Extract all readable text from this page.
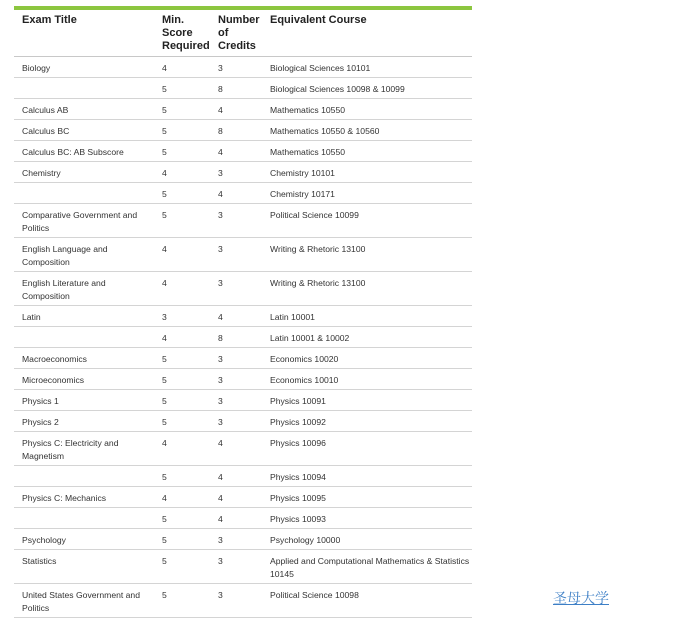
Exam Title	Min. Score Required	Number of Credits	Equivalent Course
Biology	4	3	Biological Sciences 10101
	5	8	Biological Sciences 10098 & 10099
Calculus AB	5	4	Mathematics 10550
Calculus BC	5	8	Mathematics 10550 & 10560
Calculus BC: AB Subscore	5	4	Mathematics 10550
Chemistry	4	3	Chemistry 10101
	5	4	Chemistry 10171
Comparative Government and Politics	5	3	Political Science 10099
English Language and Composition	4	3	Writing & Rhetoric 13100
English Literature and Composition	4	3	Writing & Rhetoric 13100
Latin	3	4	Latin 10001
	4	8	Latin 10001 & 10002
Macroeconomics	5	3	Economics 10020
Microeconomics	5	3	Economics 10010
Physics 1	5	3	Physics 10091
Physics 2	5	3	Physics 10092
Physics C: Electricity and Magnetism	4	4	Physics 10096
	5	4	Physics 10094
Physics C: Mechanics	4	4	Physics 10095
	5	4	Physics 10093
Psychology	5	3	Psychology 10000
Statistics	5	3	Applied and Computational Mathematics & Statistics 10145
United States Government and Politics	5	3	Political Science 10098	圣母大学
